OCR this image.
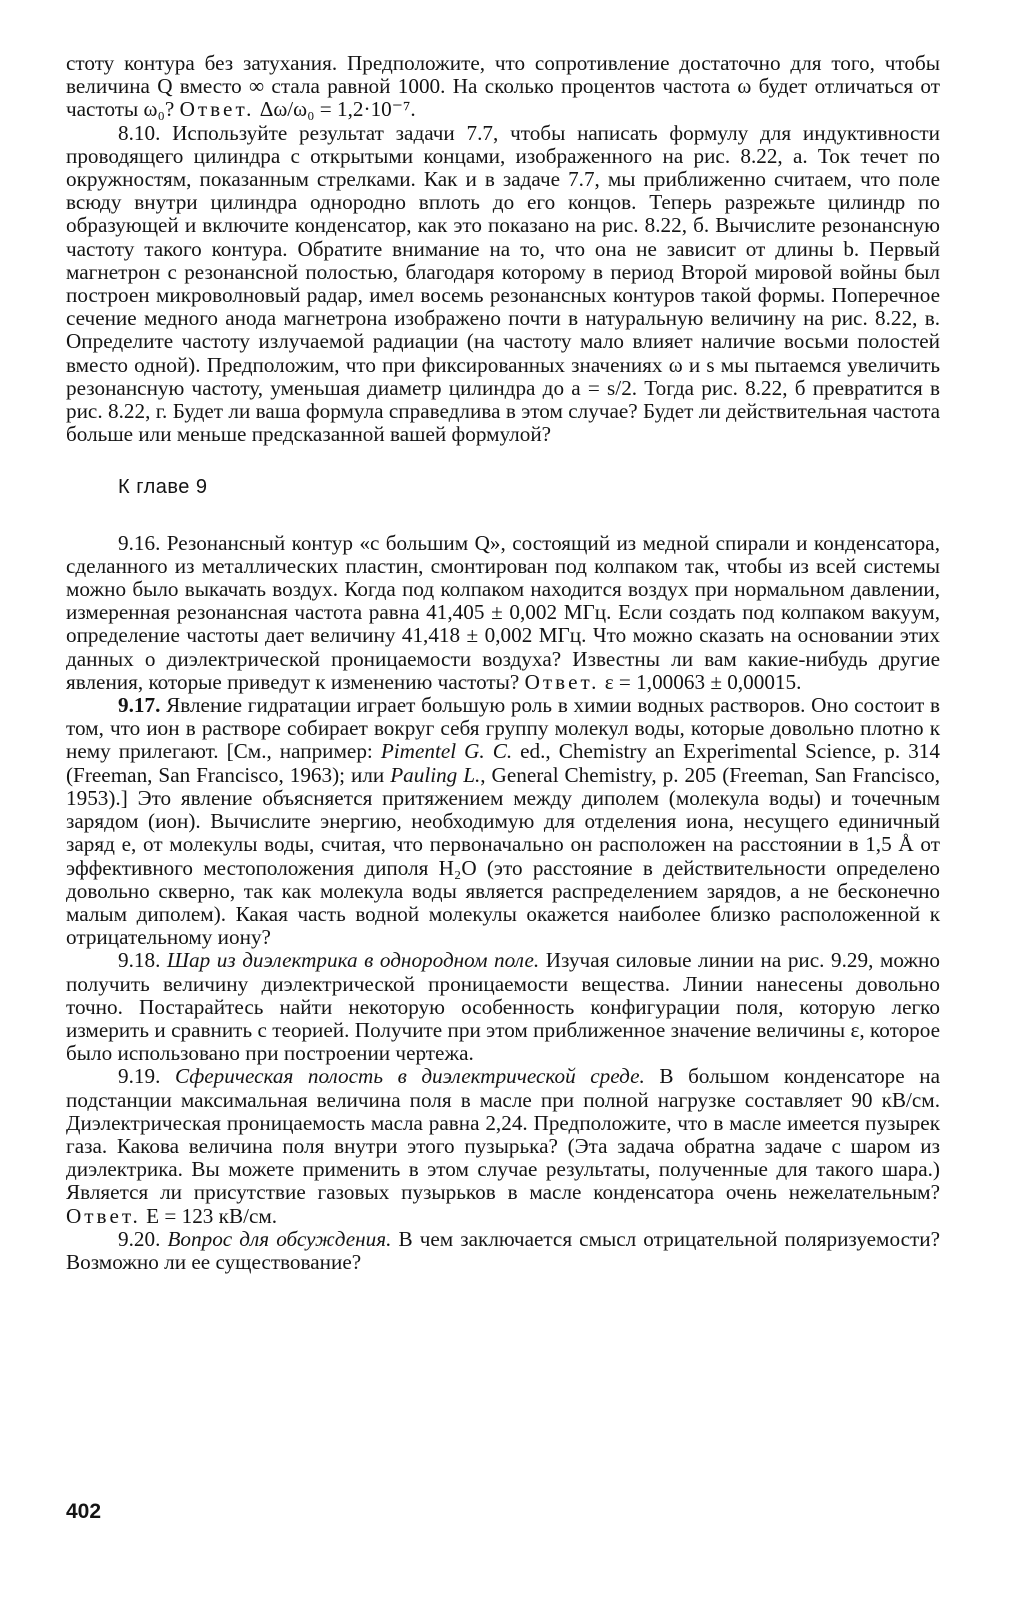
стоту контура без затухания. Предположите, что сопротивление достаточно для того, чтобы величина Q вместо ∞ стала равной 1000. На сколько процентов частота ω будет отличаться от частоты ω₀? Ответ. Δω/ω₀ = 1,2·10⁻⁷.

8.10. Используйте результат задачи 7.7, чтобы написать формулу для индуктивности проводящего цилиндра с открытыми концами, изображенного на рис. 8.22, а. Ток течет по окружностям, показанным стрелками. Как и в задаче 7.7, мы приближенно считаем, что поле всюду внутри цилиндра однородно вплоть до его концов. Теперь разрежьте цилиндр по образующей и включите конденсатор, как это показано на рис. 8.22, б. Вычислите резонансную частоту такого контура. Обратите внимание на то, что она не зависит от длины b. Первый магнетрон с резонансной полостью, благодаря которому в период Второй мировой войны был построен микроволновый радар, имел восемь резонансных контуров такой формы. Поперечное сечение медного анода магнетрона изображено почти в натуральную величину на рис. 8.22, в. Определите частоту излучаемой радиации (на частоту мало влияет наличие восьми полостей вместо одной). Предположим, что при фиксированных значениях ω и s мы пытаемся увеличить резонансную частоту, уменьшая диаметр цилиндра до a = s/2. Тогда рис. 8.22, б превратится в рис. 8.22, г. Будет ли ваша формула справедлива в этом случае? Будет ли действительная частота больше или меньше предсказанной вашей формулой?

К главе 9

9.16. Резонансный контур «с большим Q», состоящий из медной спирали и конденсатора, сделанного из металлических пластин, смонтирован под колпаком так, чтобы из всей системы можно было выкачать воздух. Когда под колпаком находится воздух при нормальном давлении, измеренная резонансная частота равна 41,405 ± 0,002 МГц. Если создать под колпаком вакуум, определение частоты дает величину 41,418 ± 0,002 МГц. Что можно сказать на основании этих данных о диэлектрической проницаемости воздуха? Известны ли вам какие-нибудь другие явления, которые приведут к изменению частоты? Ответ. ε = 1,00063 ± 0,00015.

9.17. Явление гидратации играет большую роль в химии водных растворов. Оно состоит в том, что ион в растворе собирает вокруг себя группу молекул воды, которые довольно плотно к нему прилегают. [См., например: Pimentel G. C. ed., Chemistry an Experimental Science, p. 314 (Freeman, San Francisco, 1963); или Pauling L., General Chemistry, p. 205 (Freeman, San Francisco, 1953).] Это явление объясняется притяжением между диполем (молекула воды) и точечным зарядом (ион). Вычислите энергию, необходимую для отделения иона, несущего единичный заряд e, от молекулы воды, считая, что первоначально он расположен на расстоянии в 1,5 Å от эффективного местоположения диполя H₂O (это расстояние в действительности определено довольно скверно, так как молекула воды является распределением зарядов, а не бесконечно малым диполем). Какая часть водной молекулы окажется наиболее близко расположенной к отрицательному иону?

9.18. Шар из диэлектрика в однородном поле. Изучая силовые линии на рис. 9.29, можно получить величину диэлектрической проницаемости вещества. Линии нанесены довольно точно. Постарайтесь найти некоторую особенность конфигурации поля, которую легко измерить и сравнить с теорией. Получите при этом приближенное значение величины ε, которое было использовано при построении чертежа.

9.19. Сферическая полость в диэлектрической среде. В большом конденсаторе на подстанции максимальная величина поля в масле при полной нагрузке составляет 90 кВ/см. Диэлектрическая проницаемость масла равна 2,24. Предположите, что в масле имеется пузырек газа. Какова величина поля внутри этого пузырька? (Эта задача обратна задаче с шаром из диэлектрика. Вы можете применить в этом случае результаты, полученные для такого шара.) Является ли присутствие газовых пузырьков в масле конденсатора очень нежелательным? Ответ. E = 123 кВ/см.

9.20. Вопрос для обсуждения. В чем заключается смысл отрицательной поляризуемости? Возможно ли ее существование?

402
